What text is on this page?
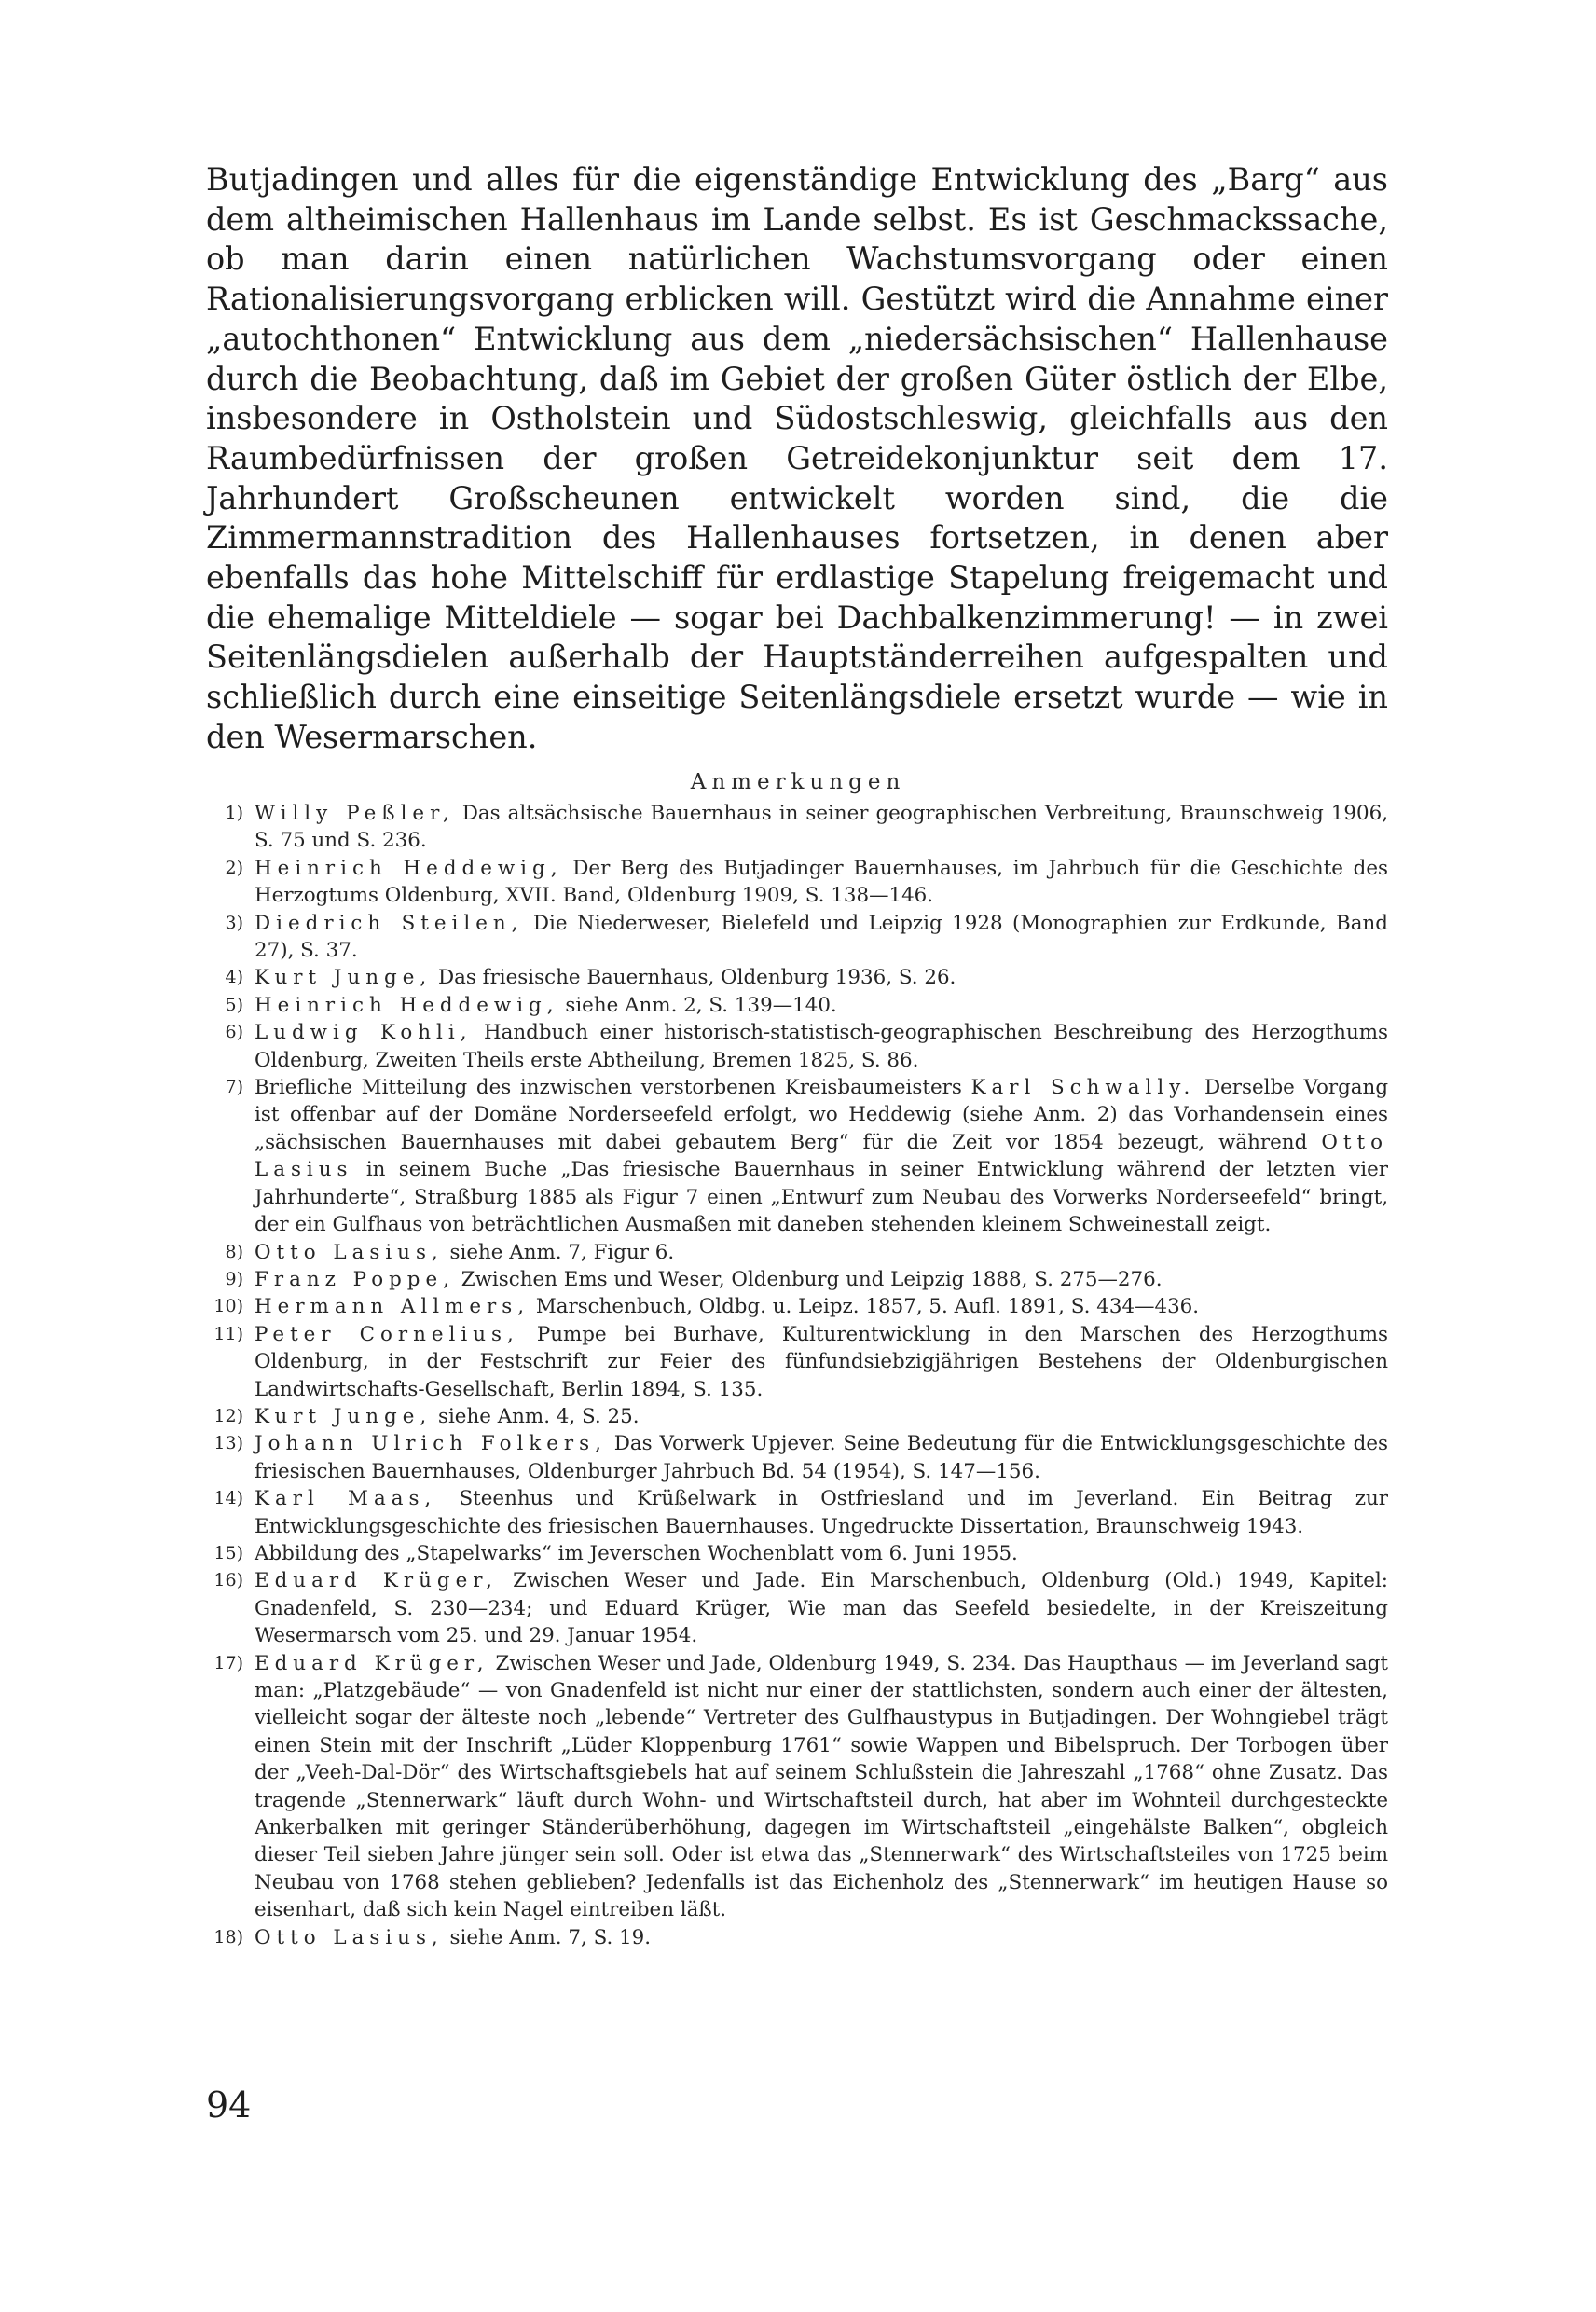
Butjadingen und alles für die eigenständige Entwicklung des „Barg“ aus dem altheimischen Hallenhaus im Lande selbst. Es ist Geschmackssache, ob man darin einen natürlichen Wachstumsvorgang oder einen Rationalisierungsvorgang erblicken will. Gestützt wird die Annahme einer „autochthonen“ Entwicklung aus dem „niedersächsischen“ Hallenhause durch die Beobachtung, daß im Gebiet der großen Güter östlich der Elbe, insbesondere in Ostholstein und Südostschleswig, gleichfalls aus den Raumbedürfnissen der großen Getreidekonjunktur seit dem 17. Jahrhundert Großscheunen entwickelt worden sind, die die Zimmermannstradition des Hallenhauses fortsetzen, in denen aber ebenfalls das hohe Mittelschiff für erdlastige Stapelung freigemacht und die ehemalige Mitteldiele — sogar bei Dachbalkenzimmerung! — in zwei Seitenlängsdielen außerhalb der Hauptständerreihen aufgespalten und schließlich durch eine einseitige Seitenlängsdiele ersetzt wurde — wie in den Wesermarschen.

Anmerkungen
1) Willy Peßler, Das altsächsische Bauernhaus in seiner geographischen Verbreitung, Braunschweig 1906, S. 75 und S. 236.
2) Heinrich Heddewig, Der Berg des Butjadinger Bauernhauses, im Jahrbuch für die Geschichte des Herzogtums Oldenburg, XVII. Band, Oldenburg 1909, S. 138—146.
3) Diedrich Steilen, Die Niederweser, Bielefeld und Leipzig 1928 (Monographien zur Erdkunde, Band 27), S. 37.
4) Kurt Junge, Das friesische Bauernhaus, Oldenburg 1936, S. 26.
5) Heinrich Heddewig, siehe Anm. 2, S. 139—140.
6) Ludwig Kohli, Handbuch einer historisch-statistisch-geographischen Beschreibung des Herzogthums Oldenburg, Zweiten Theils erste Abtheilung, Bremen 1825, S. 86.
7) Briefliche Mitteilung des inzwischen verstorbenen Kreisbaumeisters Karl Schwally. Derselbe Vorgang ist offenbar auf der Domäne Norderseefeld erfolgt, wo Heddewig (siehe Anm. 2) das Vorhandensein eines „sächsischen Bauernhauses mit dabei gebautem Berg“ für die Zeit vor 1854 bezeugt, während Otto Lasius in seinem Buche „Das friesische Bauernhaus in seiner Entwicklung während der letzten vier Jahrhunderte“, Straßburg 1885 als Figur 7 einen „Entwurf zum Neubau des Vorwerks Norderseefeld“ bringt, der ein Gulfhaus von beträchtlichen Ausmaßen mit daneben stehenden kleinem Schweinestall zeigt.
8) Otto Lasius, siehe Anm. 7, Figur 6.
9) Franz Poppe, Zwischen Ems und Weser, Oldenburg und Leipzig 1888, S. 275—276.
10) Hermann Allmers, Marschenbuch, Oldbg. u. Leipz. 1857, 5. Aufl. 1891, S. 434—436.
11) Peter Cornelius, Pumpe bei Burhave, Kulturentwicklung in den Marschen des Herzogthums Oldenburg, in der Festschrift zur Feier des fünfundsiebzigjährigen Bestehens der Oldenburgischen Landwirtschafts-Gesellschaft, Berlin 1894, S. 135.
12) Kurt Junge, siehe Anm. 4, S. 25.
13) Johann Ulrich Folkers, Das Vorwerk Upjever. Seine Bedeutung für die Entwicklungsgeschichte des friesischen Bauernhauses, Oldenburger Jahrbuch Bd. 54 (1954), S. 147—156.
14) Karl Maas, Steenhus und Krüßelwark in Ostfriesland und im Jeverland. Ein Beitrag zur Entwicklungsgeschichte des friesischen Bauernhauses. Ungedruckte Dissertation, Braunschweig 1943.
15) Abbildung des „Stapelwarks“ im Jeverschen Wochenblatt vom 6. Juni 1955.
16) Eduard Krüger, Zwischen Weser und Jade. Ein Marschenbuch, Oldenburg (Old.) 1949, Kapitel: Gnadenfeld, S. 230—234; und Eduard Krüger, Wie man das Seefeld besiedelte, in der Kreiszeitung Wesermarsch vom 25. und 29. Januar 1954.
17) Eduard Krüger, Zwischen Weser und Jade, Oldenburg 1949, S. 234. Das Haupthaus — im Jeverland sagt man: „Platzgebäude“ — von Gnadenfeld ist nicht nur einer der stattlichsten, sondern auch einer der ältesten, vielleicht sogar der älteste noch „lebende“ Vertreter des Gulfhaustypus in Butjadingen. Der Wohngiebel trägt einen Stein mit der Inschrift „Lüder Kloppenburg 1761“ sowie Wappen und Bibelspruch. Der Torbogen über der „Veeh-Dal-Dör“ des Wirtschaftsgiebels hat auf seinem Schlußstein die Jahreszahl „1768“ ohne Zusatz. Das tragende „Stennerwark“ läuft durch Wohn- und Wirtschaftsteil durch, hat aber im Wohnteil durchgesteckte Ankerbalken mit geringer Ständerüberhöhung, dagegen im Wirtschaftsteil „eingehälste Balken“, obgleich dieser Teil sieben Jahre jünger sein soll. Oder ist etwa das „Stennerwark“ des Wirtschaftsteiles von 1725 beim Neubau von 1768 stehen geblieben? Jedenfalls ist das Eichenholz des „Stennerwark“ im heutigen Hause so eisenhart, daß sich kein Nagel eintreiben läßt.
18) Otto Lasius, siehe Anm. 7, S. 19.
94
